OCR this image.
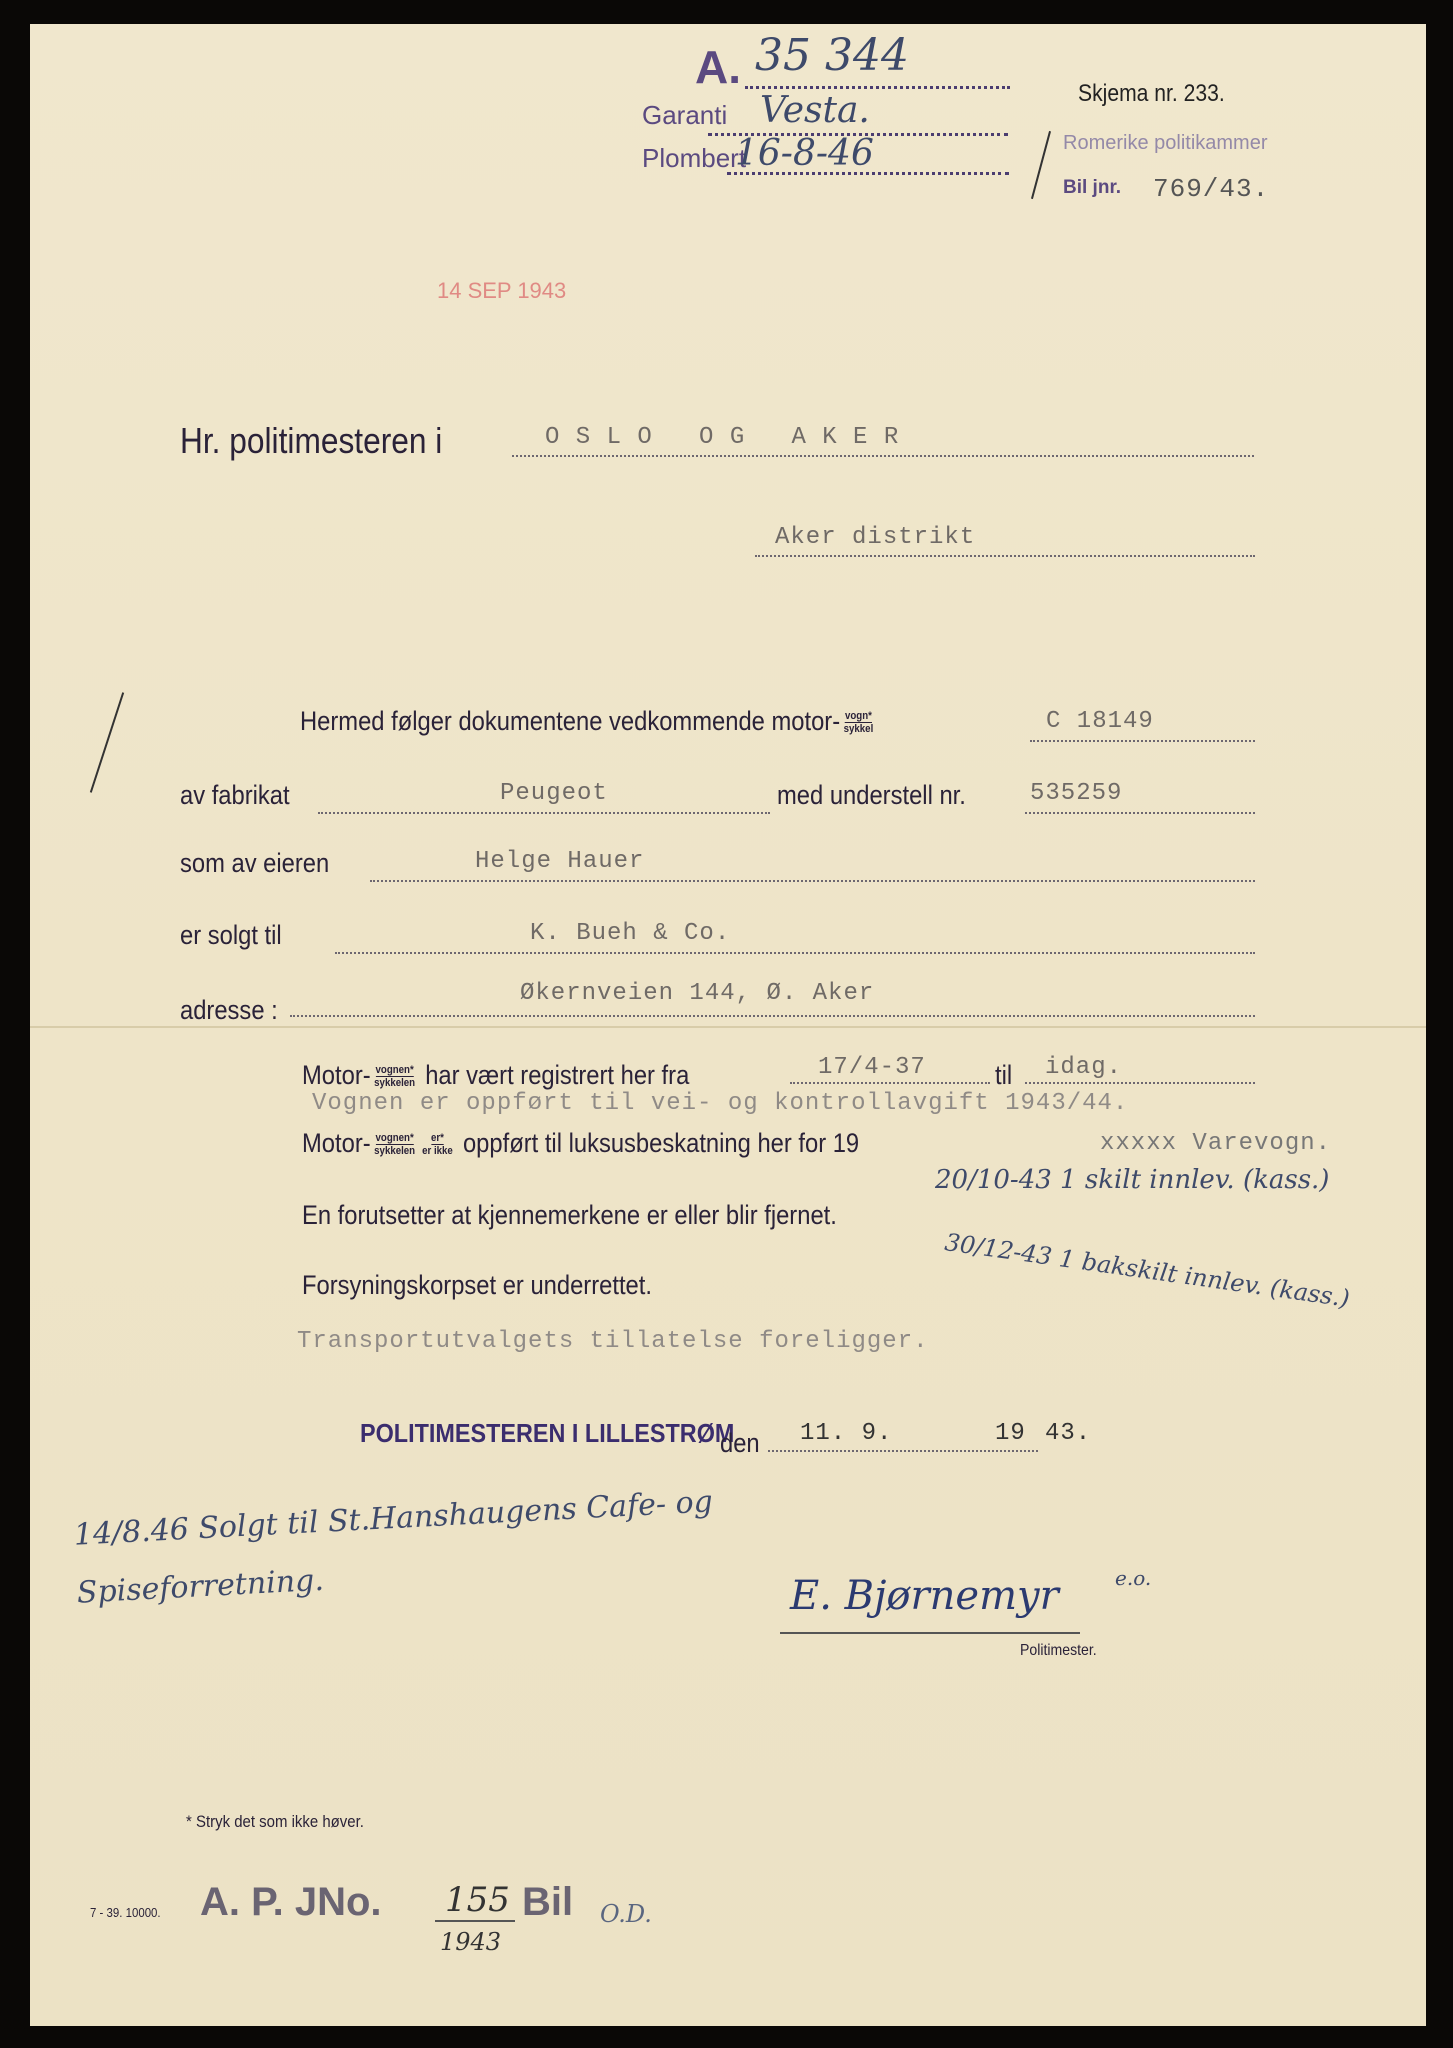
A. 35 344
Garanti Vesta.
Plombert
16-8-46
Skjema nr. 233.
Romerike politikammer
Bil jnr. 769/43.
14 SEP 1943
Hr. politimesteren i	O S L O   O G   A K E R
Aker distrikt
Hermed følger dokumentene vedkommende motor- $\frac{\text{vogn*}}{\text{sykkel}}$	C 18149
av fabrikat	Peugeot	med understell nr.	535259
som av eieren	Helge Hauer
er solgt til	K. Bueh & Co.
adresse :
Økernveien 144, Ø. Aker
Motor- $\frac{\text{vognen*}}{\text{sykkelen}}$ har vært registrert her fra	17/4-37	til idag.
Vognen er oppført til vei- og kontrollavgift 1943/44.
Motor- $\frac{\text{vognen*}}{\text{sykkelen}} \frac{er*}{\text{er ikke}}$ oppført til luksusbeskatning her for 19	xxxxx Varevogn.
En forutsetter at kjennemerkene er eller blir fjernet.
20/10-43 1 skilt innlev. (kass.)
30/12-43 1 bakskilt innlev. (kass.)
Forsyningskorpset er underrettet.
Transportutvalgets tillatelse foreligger.
POLITIMESTEREN I LILLESTRØM
den 11. 9.	19 43.
14/8.46 Solgt til St.Hanshaugens Cafe- og Spiseforretning.	e.o.
E. Bjørnemyr
Politimester.
* Stryk det som ikke høver.
7 - 39. 10000. A. P. JNo. 155 Bil
1943
O.D.
